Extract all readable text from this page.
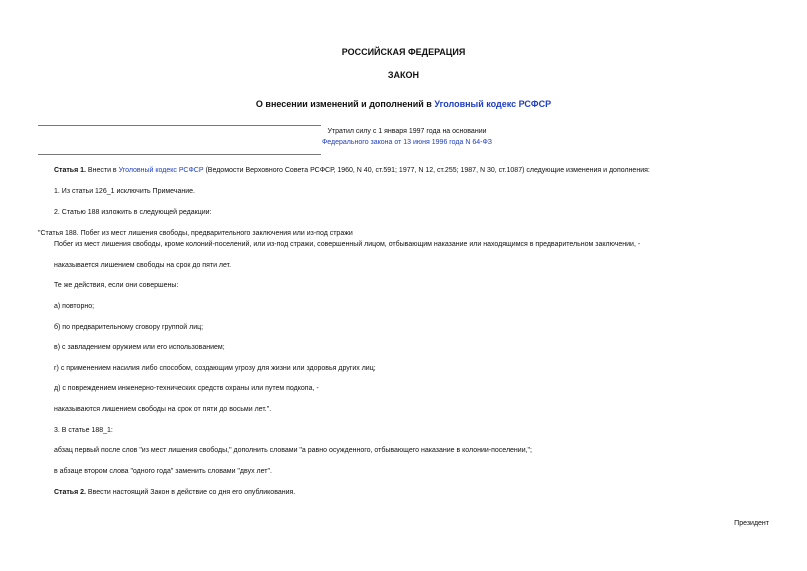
РОССИЙСКАЯ ФЕДЕРАЦИЯ
ЗАКОН
О внесении изменений и дополнений в Уголовный кодекс РСФСР
Утратил силу с 1 января 1997 года на основании
Федерального закона от 13 июня 1996 года N 64-ФЗ
Статья 1. Внести в Уголовный кодекс РСФСР (Ведомости Верховного Совета РСФСР, 1960, N 40, ст.591; 1977, N 12, ст.255; 1987, N 30, ст.1087) следующие изменения и дополнения:
1. Из статьи 126_1 исключить Примечание.
2. Статью 188 изложить в следующей редакции:
"Статья 188. Побег из мест лишения свободы, предварительного заключения или из-под стражи
Побег из мест лишения свободы, кроме колоний-поселений, или из-под стражи, совершенный лицом, отбывающим наказание или находящимся в предварительном заключении, -
наказывается лишением свободы на срок до пяти лет.
Те же действия, если они совершены:
а) повторно;
б) по предварительному сговору группой лиц;
в) с завладением оружием или его использованием;
г) с применением насилия либо способом, создающим угрозу для жизни или здоровья других лиц;
д) с повреждением инженерно-технических средств охраны или путем подкопа, -
наказываются лишением свободы на срок от пяти до восьми лет.".
3. В статье 188_1:
абзац первый после слов "из мест лишения свободы," дополнить словами "а равно осужденного, отбывающего наказание в колонии-поселении,";
в абзаце втором слова "одного года" заменить словами "двух лет".
Статья 2. Ввести настоящий Закон в действие со дня его опубликования.
Президент
